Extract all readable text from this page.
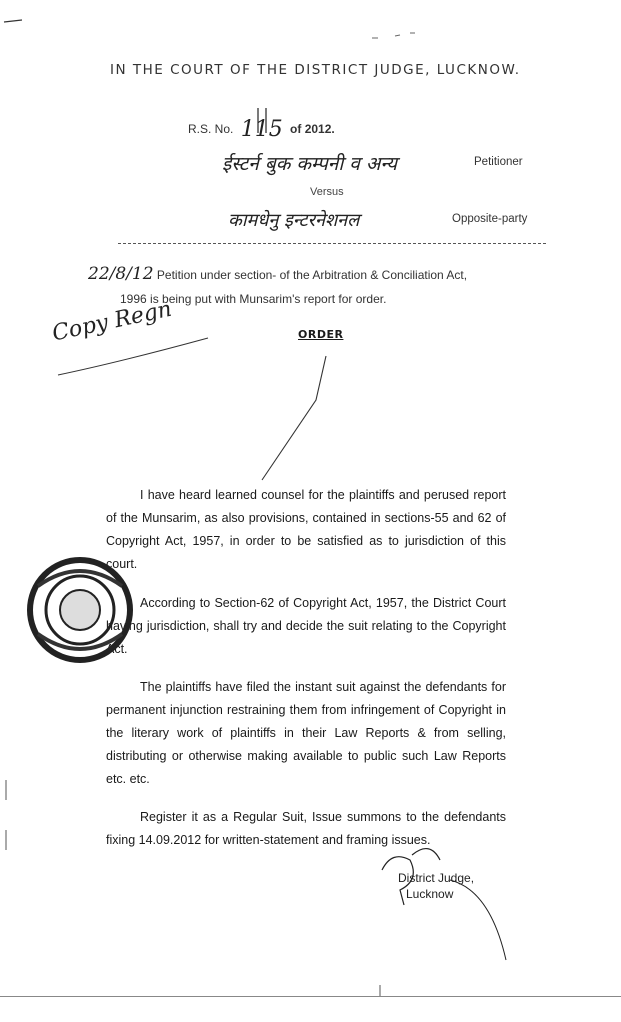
IN THE COURT OF THE DISTRICT JUDGE, LUCKNOW.
R.S. No. 115 of 2012.
ईस्टर्न बुक कम्पनी व अन्य	Petitioner
Versus
कामधेनु इन्टरनेशनल	Opposite-party
22/8/12 Petition under section- of the Arbitration & Conciliation Act,
1996 is being put with Munsarim's report for order.
Copy Regn	ORDER
I have heard learned counsel for the plaintiffs and perused report of the Munsarim, as also provisions, contained in sections-55 and 62 of Copyright Act, 1957, in order to be satisfied as to jurisdiction of this court.
According to Section-62 of Copyright Act, 1957, the District Court having jurisdiction, shall try and decide the suit relating to the Copyright Act.
The plaintiffs have filed the instant suit against the defendants for permanent injunction restraining them from infringement of Copyright in the literary work of plaintiffs in their Law Reports & from selling, distributing or otherwise making available to public such Law Reports etc. etc.
Register it as a Regular Suit, Issue summons to the defendants fixing 14.09.2012 for written-statement and framing issues.
District Judge,
Lucknow
